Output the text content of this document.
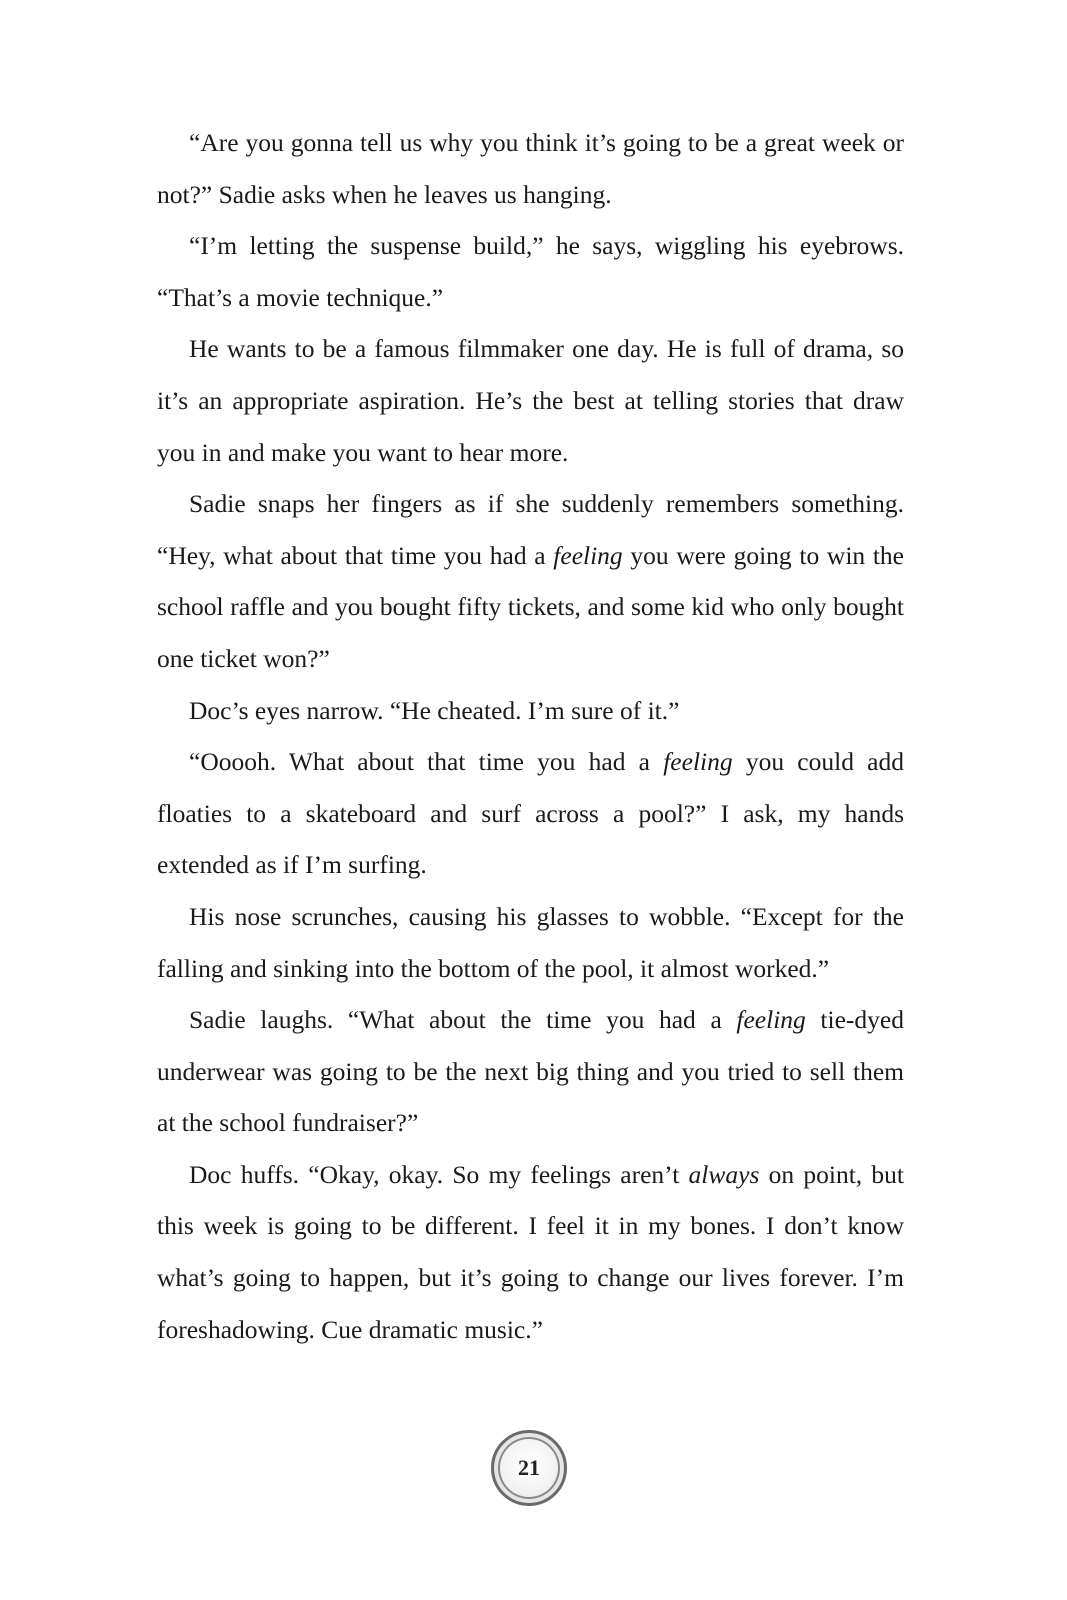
“Are you gonna tell us why you think it’s going to be a great week or not?” Sadie asks when he leaves us hanging.

“I’m letting the suspense build,” he says, wiggling his eyebrows. “That’s a movie technique.”

He wants to be a famous filmmaker one day. He is full of drama, so it’s an appropriate aspiration. He’s the best at telling stories that draw you in and make you want to hear more.

Sadie snaps her fingers as if she suddenly remembers something. “Hey, what about that time you had a feeling you were going to win the school raffle and you bought fifty tickets, and some kid who only bought one ticket won?”

Doc’s eyes narrow. “He cheated. I’m sure of it.”

“Ooooh. What about that time you had a feeling you could add floaties to a skateboard and surf across a pool?” I ask, my hands extended as if I’m surfing.

His nose scrunches, causing his glasses to wobble. “Except for the falling and sinking into the bottom of the pool, it almost worked.”

Sadie laughs. “What about the time you had a feeling tie-dyed underwear was going to be the next big thing and you tried to sell them at the school fundraiser?”

Doc huffs. “Okay, okay. So my feelings aren’t always on point, but this week is going to be different. I feel it in my bones. I don’t know what’s going to happen, but it’s going to change our lives forever. I’m foreshadowing. Cue dramatic music.”

21
